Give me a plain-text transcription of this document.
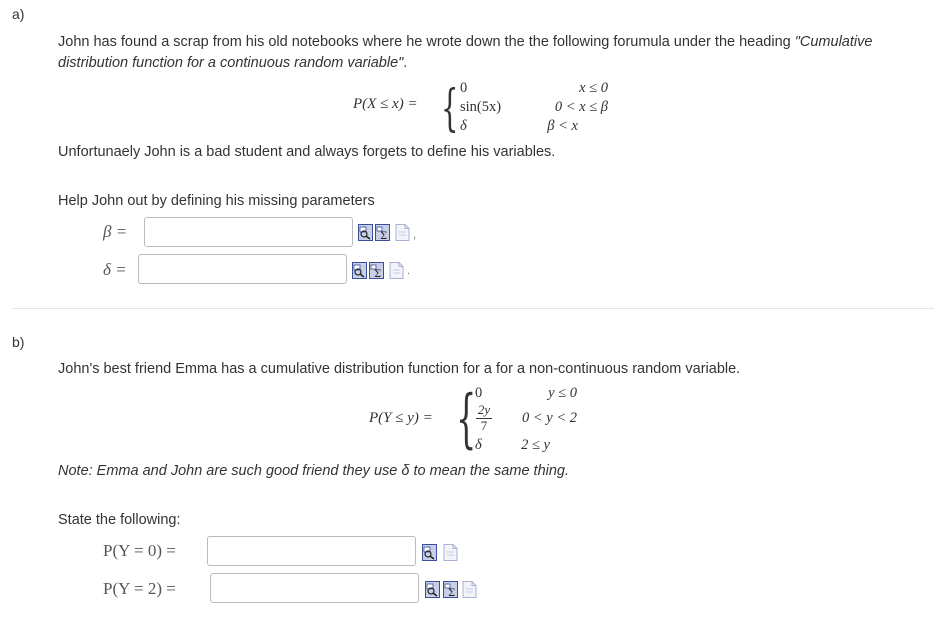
a)
John has found a scrap from his old notebooks where he wrote down the the following forumula under the heading "Cumulative
distribution function for a continuous random variable".
P(X ≤ x) = { 0	x ≤ 0
sin(5x)	0 < x ≤ β
δ	β < x
Unfortunaely John is a bad student and always forgets to define his variables.
Help John out by defining his missing parameters
β =	Σ ,
δ =	Σ .
b)
John's best friend Emma has a cumulative distribution function for a for a non-continuous random variable.
P(Y ≤ y) = {
0	y ≤ 0
2y
7	0 < y < 2
δ	2 ≤ y
Note: Emma and John are such good friend they use δ to mean the same thing.
State the following:
P(Y = 0) =
P(Y = 2) =	Σ
